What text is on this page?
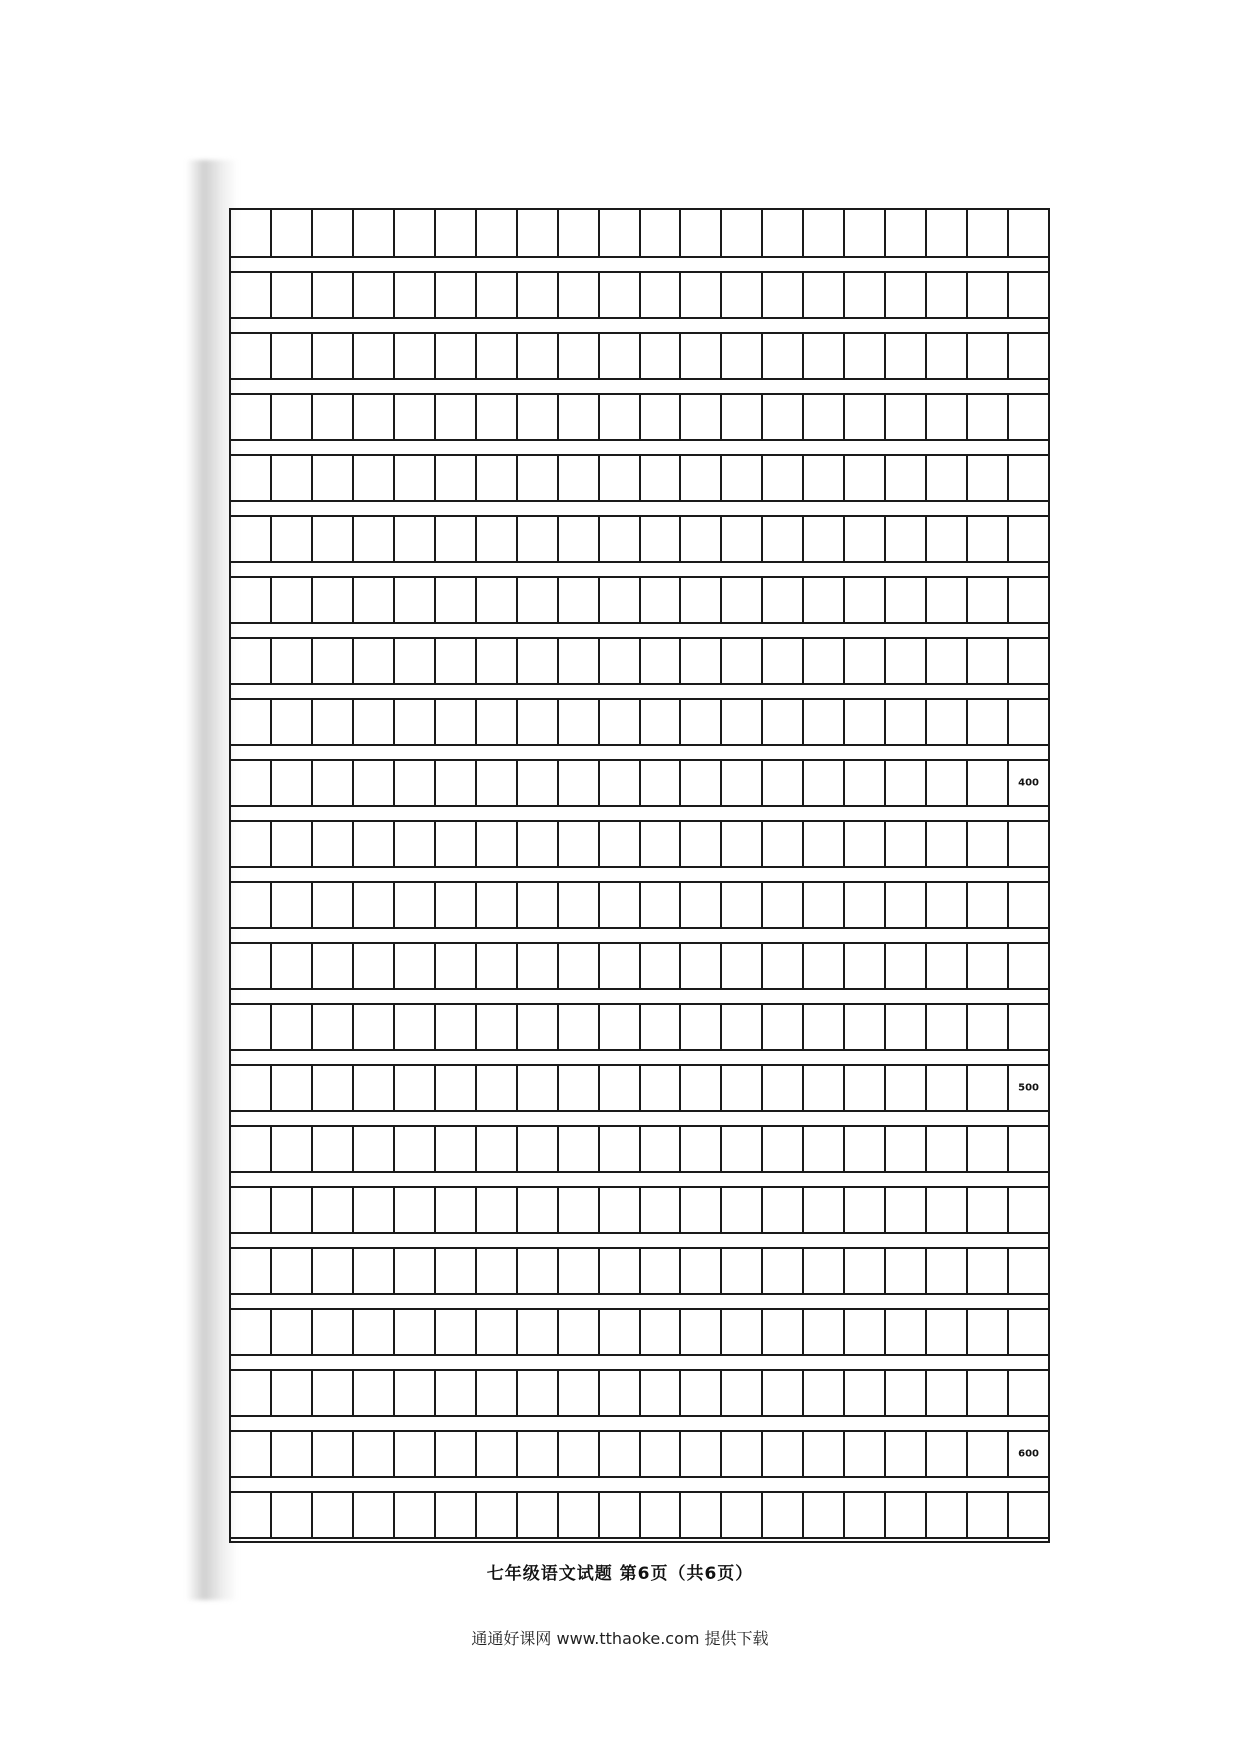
400
500
600
七年级语文试题 第6页（共6页）
通通好课网 www.tthaoke.com 提供下载
